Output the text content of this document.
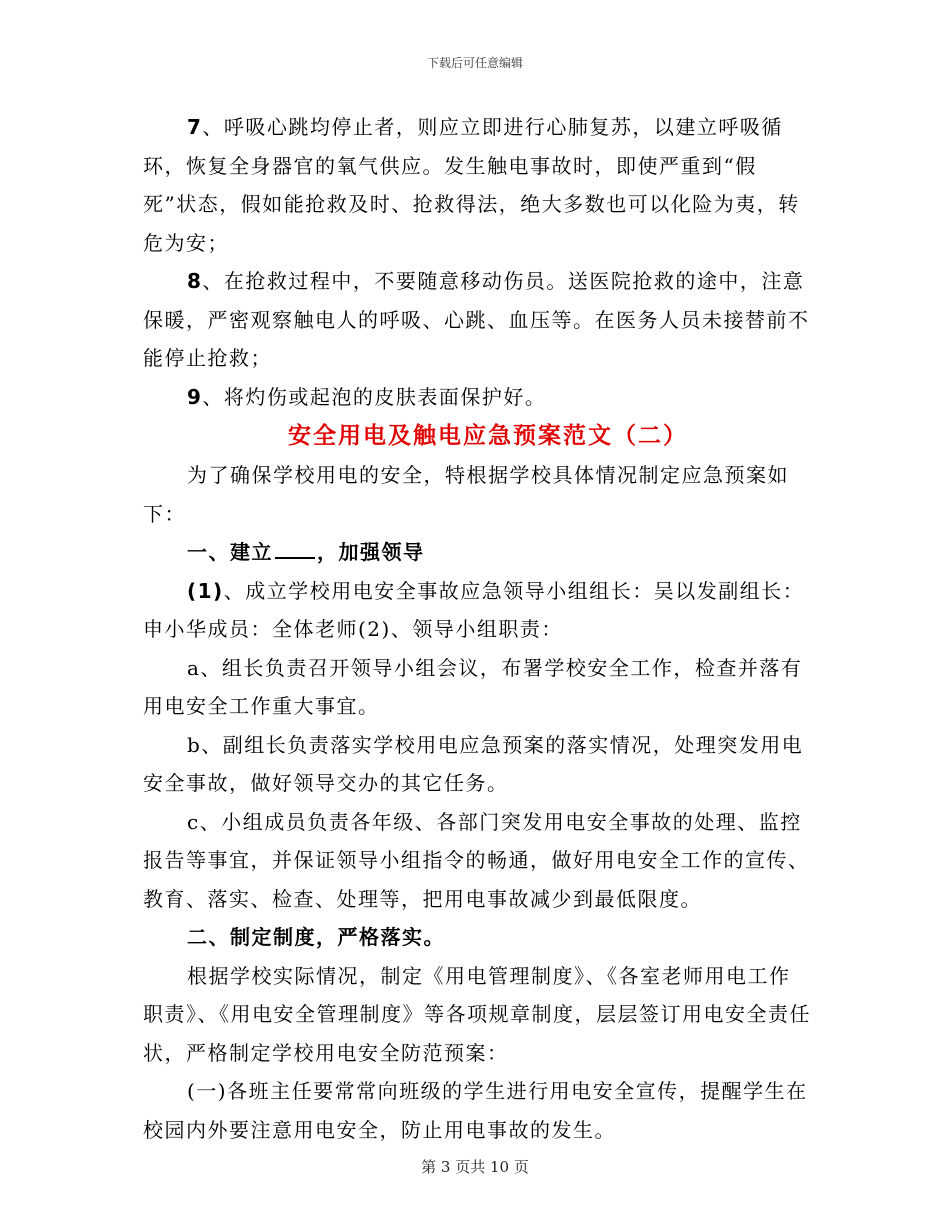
下载后可任意编辑

7、呼吸心跳均停止者，则应立即进行心肺复苏，以建立呼吸循环，恢复全身器官的氧气供应。发生触电事故时，即使严重到“假死”状态，假如能抢救及时、抢救得法，绝大多数也可以化险为夷，转危为安；

8、在抢救过程中，不要随意移动伤员。送医院抢救的途中，注意保暖，严密观察触电人的呼吸、心跳、血压等。在医务人员未接替前不能停止抢救；

9、将灼伤或起泡的皮肤表面保护好。

安全用电及触电应急预案范文（二）

为了确保学校用电的安全，特根据学校具体情况制定应急预案如下：

一、建立 ，加强领导

(1)、成立学校用电安全事故应急领导小组组长：吴以发副组长：申小华成员：全体老师(2)、领导小组职责：

a、组长负责召开领导小组会议，布署学校安全工作，检查并落有用电安全工作重大事宜。

b、副组长负责落实学校用电应急预案的落实情况，处理突发用电安全事故，做好领导交办的其它任务。

c、小组成员负责各年级、各部门突发用电安全事故的处理、监控报告等事宜，并保证领导小组指令的畅通，做好用电安全工作的宣传、教育、落实、检查、处理等，把用电事故减少到最低限度。

二、制定制度，严格落实。

根据学校实际情况，制定《用电管理制度》、《各室老师用电工作职责》、《用电安全管理制度》等各项规章制度，层层签订用电安全责任状，严格制定学校用电安全防范预案：

(一)各班主任要常常向班级的学生进行用电安全宣传，提醒学生在校园内外要注意用电安全，防止用电事故的发生。

第 3 页共 10 页
